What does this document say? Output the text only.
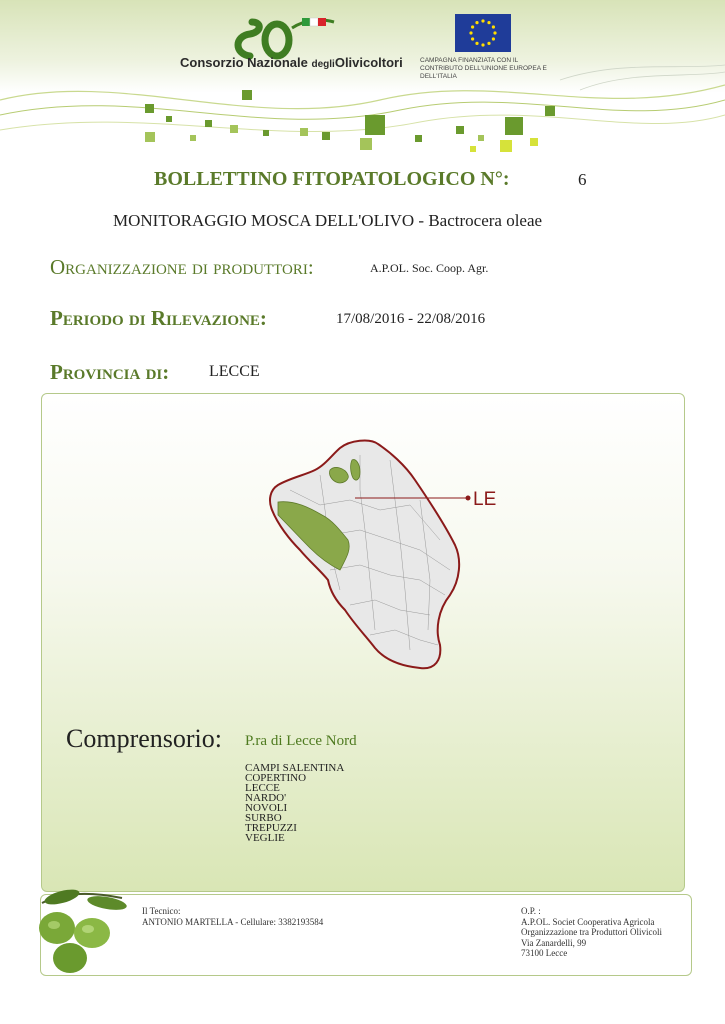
Consorzio Nazionale degliOlivicoltori	CAMPAGNA FINANZIATA CON IL CONTRIBUTO DELL'UNIONE EUROPEA E DELL'ITALIA
BOLLETTINO FITOPATOLOGICO N°:	6
MONITORAGGIO MOSCA DELL'OLIVO - Bactrocera oleae
Organizzazione di produttori:	A.P.OL. Soc. Coop. Agr.
Periodo di Rilevazione:	17/08/2016 - 22/08/2016
Provincia di: LECCE
LE
Comprensorio: P.ra di Lecce Nord
CAMPI SALENTINA
COPERTINO
LECCE
NARDO'
NOVOLI
SURBO
TREPUZZI
VEGLIE
Il Tecnico:
ANTONIO MARTELLA - Cellulare: 3382193584
O.P. :
A.P.OL. Societ Cooperativa Agricola
Organizzazione tra Produttori Olivicoli
Via Zanardelli, 99
73100 Lecce
